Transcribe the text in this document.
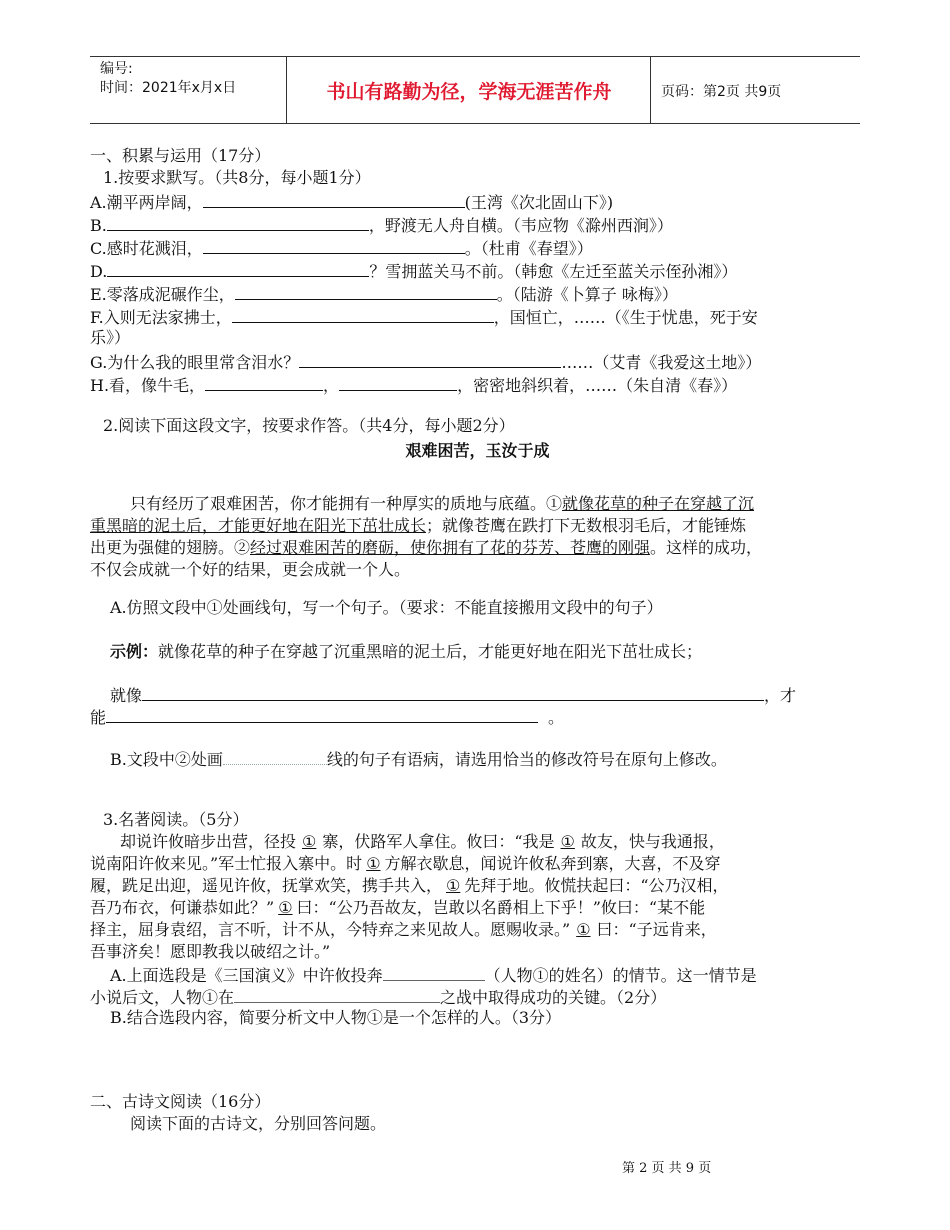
编号:
时间：2021年x月x日	书山有路勤为径，学海无涯苦作舟	页码：第2页 共9页
一、积累与运用（17分）
1.按要求默写。（共8分，每小题1分）
A.潮平两岸阔，	(王湾《次北固山下》)
B.	，野渡无人舟自横。（韦应物《滁州西涧》）
C.感时花溅泪，	。（杜甫《春望》）
D.	？雪拥蓝关马不前。（韩愈《左迁至蓝关示侄孙湘》）
E.零落成泥碾作尘，	。（陆游《卜算子 咏梅》）
F.入则无法家拂士，	，国恒亡，……（《生于忧患，死于安
乐》）
G.为什么我的眼里常含泪水？	……（艾青《我爱这土地》）
H.看，像牛毛，	，	，密密地斜织着，……（朱自清《春》）
2.阅读下面这段文字，按要求作答。（共4分，每小题2分）
艰难困苦，玉汝于成
只有经历了艰难困苦，你才能拥有一种厚实的质地与底蕴。①就像花草的种子在穿越了沉
重黑暗的泥土后，才能更好地在阳光下茁壮成长；就像苍鹰在跌打下无数根羽毛后，才能锤炼
出更为强健的翅膀。②经过艰难困苦的磨砺，使你拥有了花的芬芳、苍鹰的刚强。这样的成功，
不仅会成就一个好的结果，更会成就一个人。
A.仿照文段中①处画线句，写一个句子。（要求：不能直接搬用文段中的句子）
示例：就像花草的种子在穿越了沉重黑暗的泥土后，才能更好地在阳光下茁壮成长；
就像	，才
能	。
B.文段中②处画	线的句子有语病，请选用恰当的修改符号在原句上修改。
3.名著阅读。（5分）
却说许攸暗步出营，径投 ① 寨，伏路军人拿住。攸曰：“我是 ① 故友，快与我通报，
说南阳许攸来见。”军士忙报入寨中。时 ① 方解衣歇息，闻说许攸私奔到寨，大喜，不及穿
履，跣足出迎，遥见许攸，抚掌欢笑，携手共入， ① 先拜于地。攸慌扶起曰：“公乃汉相，
吾乃布衣，何谦恭如此？” ① 曰：“公乃吾故友，岂敢以名爵相上下乎！”攸曰：“某不能
择主，屈身袁绍，言不听，计不从，今特弃之来见故人。愿赐收录。” ① 曰：“子远肯来，
吾事济矣！愿即教我以破绍之计。”
A.上面选段是《三国演义》中许攸投奔	（人物①的姓名）的情节。这一情节是
小说后文，人物①在	之战中取得成功的关键。（2分）
B.结合选段内容，简要分析文中人物①是一个怎样的人。（3分）
二、古诗文阅读（16分）
阅读下面的古诗文，分别回答问题。
第 2 页 共 9 页
